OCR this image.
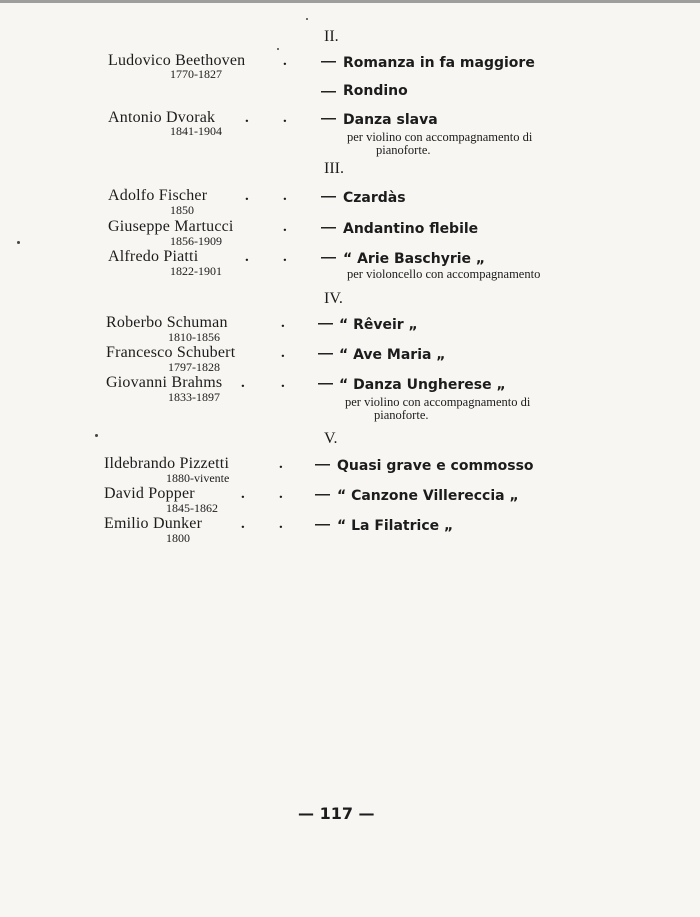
II.
III.
IV.
V.
Ludovico Beethoven
1770-1827
. — Romanza in fa maggiore
— Rondino
Antonio Dvorak
1841-1904
. . — Danza slava
per violino con accompagnamento di
pianoforte.
Adolfo Fischer
1850
. . — Czardàs
Giuseppe Martucci
1856-1909
. — Andantino flebile
Alfredo Piatti
1822-1901
. . — “ Arie Baschyrie „
per violoncello con accompagnamento
Roberbo Schuman
1810-1856
. — “ Rêveir „
Francesco Schubert
1797-1828
. — “ Ave Maria „
Giovanni Brahms
1833-1897
. . — “ Danza Ungherese „
per violino con accompagnamento di
pianoforte.
Ildebrando Pizzetti
1880-vivente
. — Quasi grave e commosso
David Popper
1845-1862
. . — “ Canzone Villereccia „
Emilio Dunker
1800
. . — “ La Filatrice „
— 117 —
